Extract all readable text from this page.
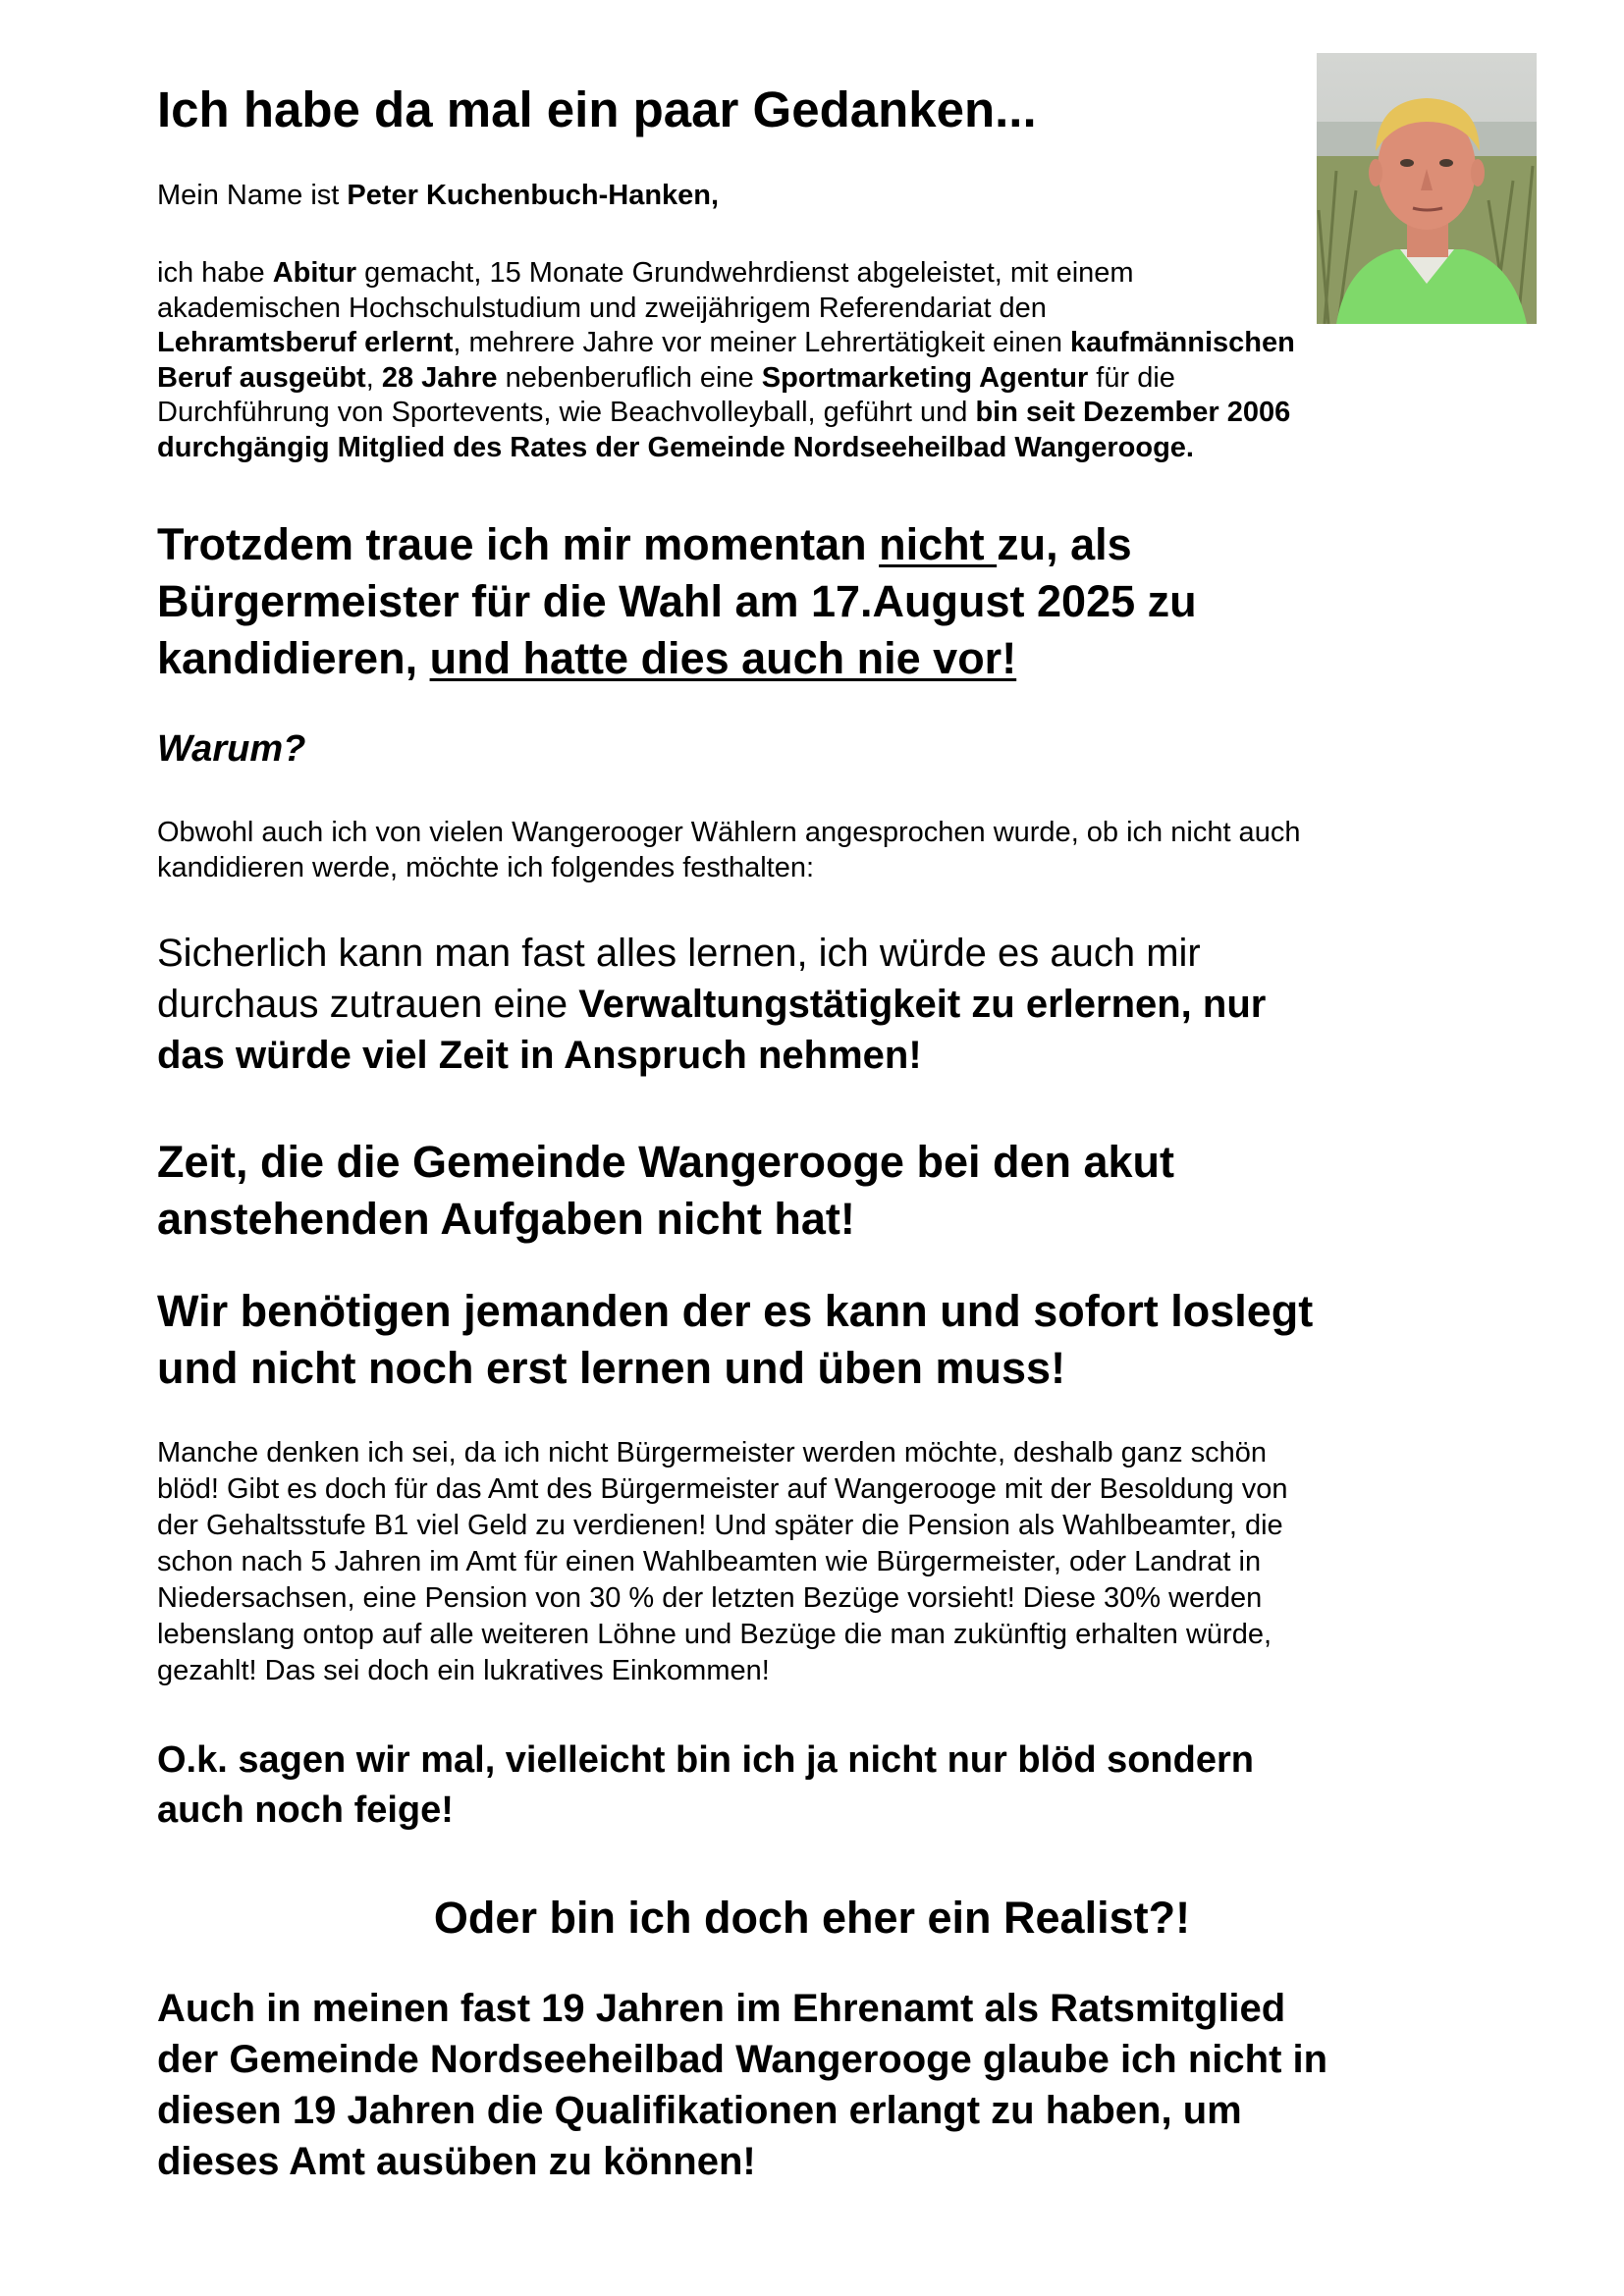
Ich habe da mal ein paar Gedanken...

Mein Name ist Peter Kuchenbuch-Hanken,

ich habe Abitur gemacht, 15 Monate Grundwehrdienst abgeleistet, mit einem
akademischen Hochschulstudium und zweijährigem Referendariat den
Lehramtsberuf erlernt, mehrere Jahre vor meiner Lehrertätigkeit einen kaufmännischen
Beruf ausgeübt, 28 Jahre nebenberuflich eine Sportmarketing Agentur für die
Durchführung von Sportevents, wie Beachvolleyball, geführt und bin seit Dezember 2006
durchgängig Mitglied des Rates der Gemeinde Nordseeheilbad Wangerooge.

Trotzdem traue ich mir momentan nicht zu, als
Bürgermeister für die Wahl am 17.August 2025 zu
kandidieren, und hatte dies auch nie vor!
Warum?

Obwohl auch ich von vielen Wangerooger Wählern angesprochen wurde, ob ich nicht auch
kandidieren werde, möchte ich folgendes festhalten:

Sicherlich kann man fast alles lernen, ich würde es auch mir
durchaus zutrauen eine Verwaltungstätigkeit zu erlernen, nur
das würde viel Zeit in Anspruch nehmen!

Zeit, die die Gemeinde Wangerooge bei den akut
anstehenden Aufgaben nicht hat!

Wir benötigen jemanden der es kann und sofort loslegt
und nicht noch erst lernen und üben muss!

Manche denken ich sei, da ich nicht Bürgermeister werden möchte, deshalb ganz schön
blöd! Gibt es doch für das Amt des Bürgermeister auf Wangerooge mit der Besoldung von
der Gehaltsstufe B1 viel Geld zu verdienen! Und später die Pension als Wahlbeamter, die
schon nach 5 Jahren im Amt für einen Wahlbeamten wie Bürgermeister, oder Landrat in
Niedersachsen, eine Pension von 30 % der letzten Bezüge vorsieht! Diese 30% werden
lebenslang ontop auf alle weiteren Löhne und Bezüge die man zukünftig erhalten würde,
gezahlt! Das sei doch ein lukratives Einkommen!

O.k. sagen wir mal, vielleicht bin ich ja nicht nur blöd sondern
auch noch feige!

Oder bin ich doch eher ein Realist?!

Auch in meinen fast 19 Jahren im Ehrenamt als Ratsmitglied
der Gemeinde Nordseeheilbad Wangerooge glaube ich nicht in
diesen 19 Jahren die Qualifikationen erlangt zu haben, um
dieses Amt ausüben zu können!
